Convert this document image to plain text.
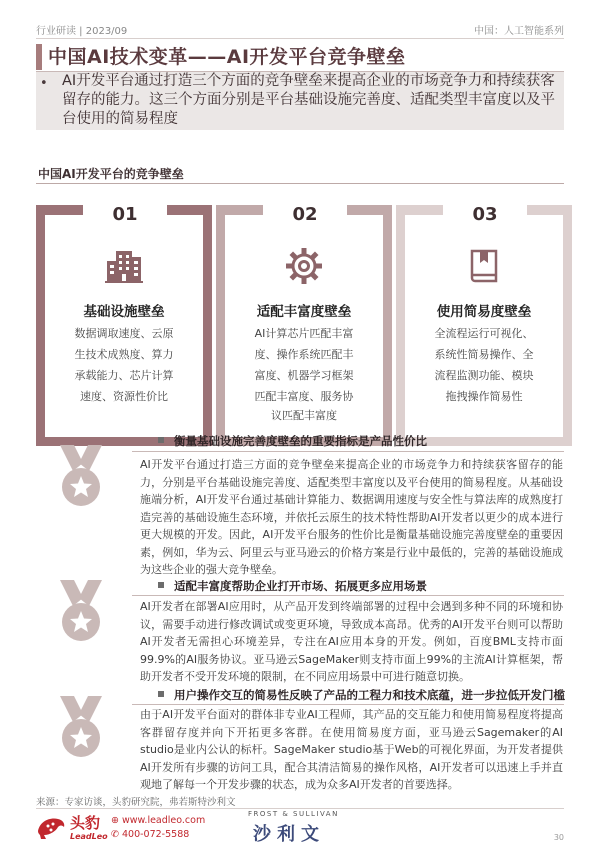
行业研读 | 2023/09	中国：人工智能系列
中国AI技术变革——AI开发平台竞争壁垒
• AI开发平台通过打造三个方面的竞争壁垒来提高企业的市场竞争力和持续获客留存的能力。这三个方面分别是平台基础设施完善度、适配类型丰富度以及平台使用的简易程度
中国AI开发平台的竞争壁垒
01
基础设施壁垒
数据调取速度、云原
生技术成熟度、算力
承载能力、芯片计算
速度、资源性价比
02
适配丰富度壁垒
AI计算芯片匹配丰富
度、操作系统匹配丰
富度、机器学习框架
匹配丰富度、服务协
议匹配丰富度
03
使用简易度壁垒
全流程运行可视化、
系统性简易操作、全
流程监测功能、模块
拖拽操作简易性
衡量基础设施完善度壁垒的重要指标是产品性价比
AI开发平台通过打造三方面的竞争壁垒来提高企业的市场竞争力和持续获客留存的能力，分别是平台基础设施完善度、适配类型丰富度以及平台使用的简易程度。从基础设施端分析，AI开发平台通过基础计算能力、数据调用速度与安全性与算法库的成熟度打造完善的基础设施生态环境，并依托云原生的技术特性帮助AI开发者以更少的成本进行更大规模的开发。因此，AI开发平台服务的性价比是衡量基础设施完善度壁垒的重要因素，例如，华为云、阿里云与亚马逊云的价格方案是行业中最低的，完善的基础设施成为这些企业的强大竞争壁垒。
适配丰富度帮助企业打开市场、拓展更多应用场景
AI开发者在部署AI应用时，从产品开发到终端部署的过程中会遇到多种不同的环境和协议，需要手动进行修改调试或变更环境，导致成本高昂。优秀的AI开发平台则可以帮助AI开发者无需担心环境差异，专注在AI应用本身的开发。例如，百度BML支持市面99.9%的AI服务协议。亚马逊云SageMaker则支持市面上99%的主流AI计算框架，帮助开发者不受开发环境的限制，在不同应用场景中可进行随意切换。
用户操作交互的简易性反映了产品的工程力和技术底蕴，进一步拉低开发门槛
由于AI开发平台面对的群体非专业AI工程师，其产品的交互能力和使用简易程度将提高客群留存度并向下开拓更多客群。在使用简易度方面，亚马逊云Sagemaker的AI studio是业内公认的标杆。SageMaker studio基于Web的可视化界面，为开发者提供AI开发所有步骤的访问工具，配合其清洁简易的操作风格，AI开发者可以迅速上手并直观地了解每一个开发步骤的状态，成为众多AI开发者的首要选择。
来源：专家访谈，头豹研究院，弗若斯特沙利文
头豹
LeadLeo
⊕ www.leadleo.com
✆ 400-072-5588
FROST & SULLIVAN
沙利文	30
